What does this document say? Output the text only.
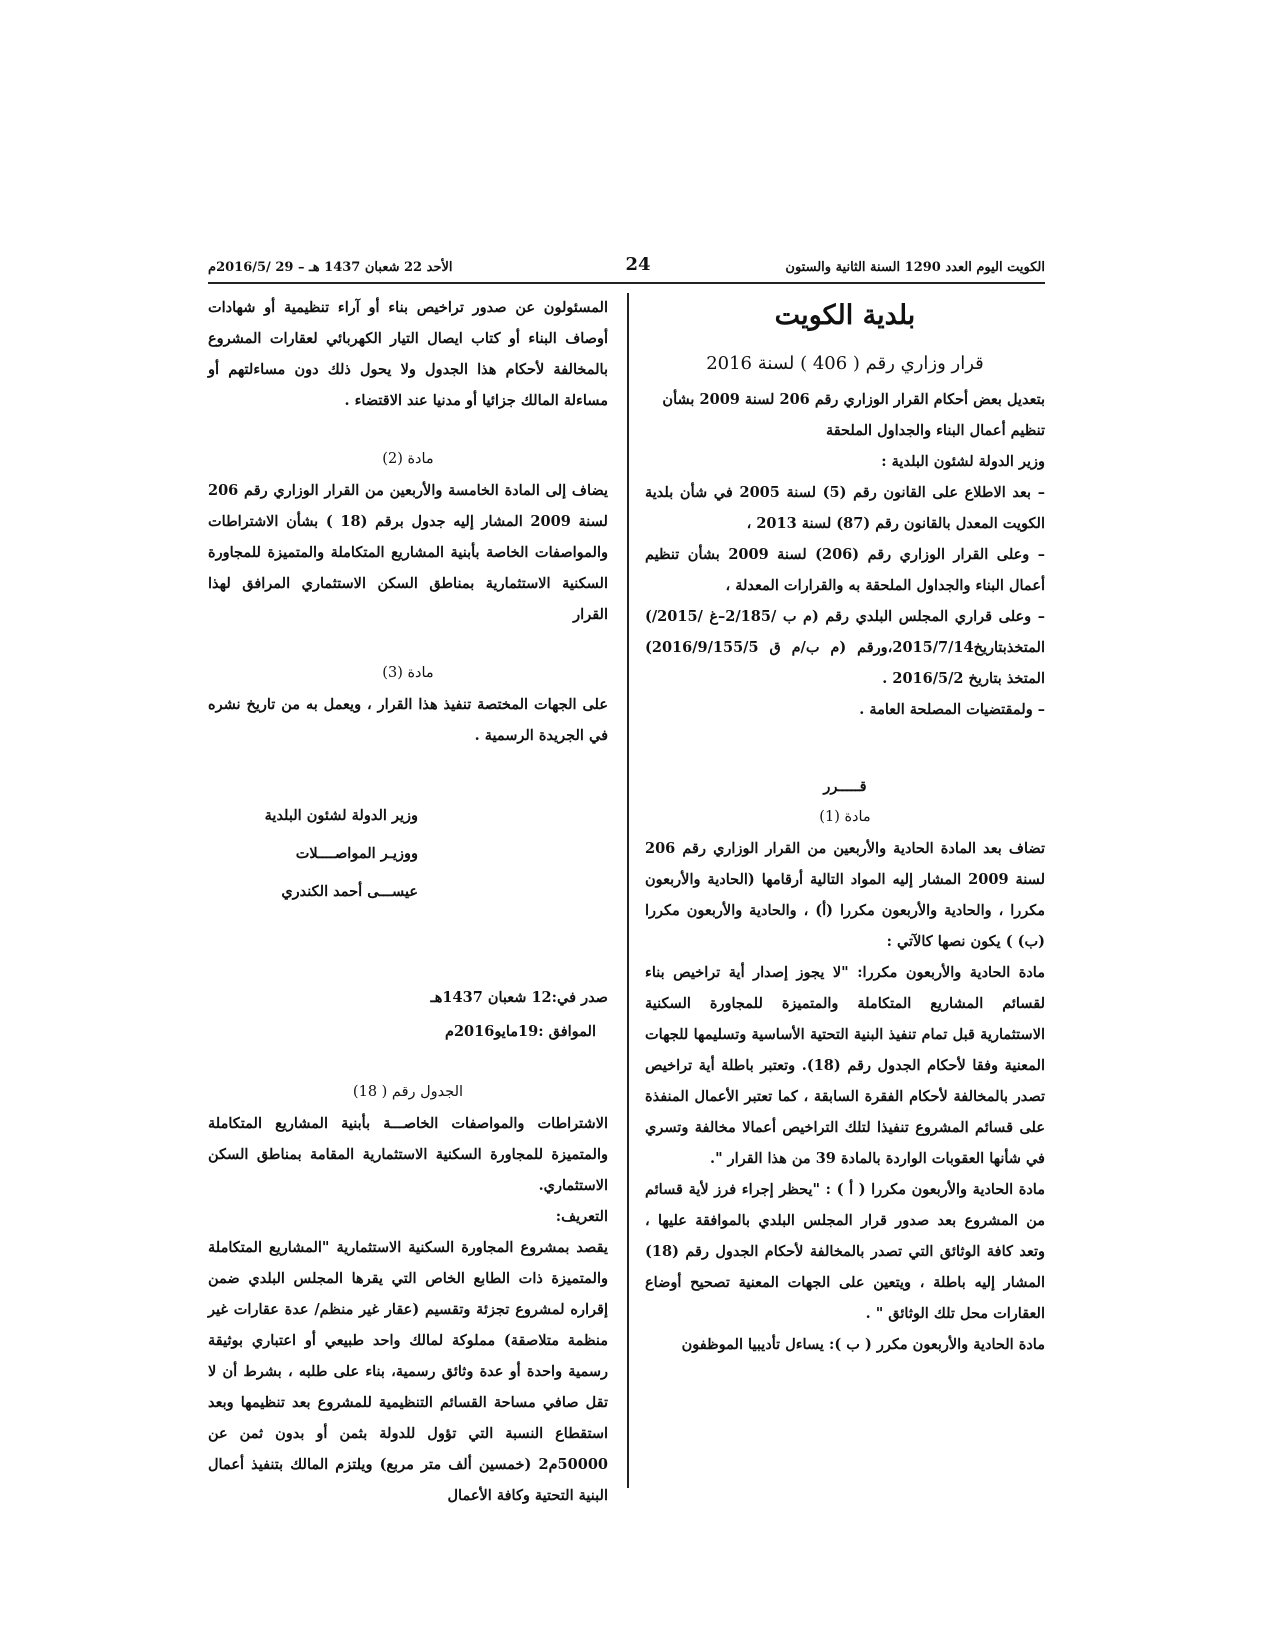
الأحد 22 شعبان 1437 هـ – 29 /2016/5م	24	الكويت اليوم العدد 1290 السنة الثانية والستون
بلدية الكويت
قرار وزاري رقم ( 406 ) لسنة 2016

بتعديل بعض أحكام القرار الوزاري رقم 206 لسنة 2009 بشأن

تنظيم أعمال البناء والجداول الملحقة

وزير الدولة لشئون البلدية :

– بعد الاطلاع على القانون رقم (5) لسنة 2005 في شأن بلدية الكويت المعدل بالقانون رقم (87) لسنة 2013 ،

– وعلى القرار الوزاري رقم (206) لسنة 2009 بشأن تنظيم أعمال البناء والجداول الملحقة به والقرارات المعدلة ،

– وعلى قراري المجلس البلدي رقم (م ب /2/185–غ /2015/) المتخذبتاريخ2015/7/14،ورقم (م ب/م ق 2016/9/155/5) المتخذ بتاريخ 2016/5/2 .

– ولمقتضيات المصلحة العامة .

قـــــرر

مادة (1)

تضاف بعد المادة الحادية والأربعين من القرار الوزاري رقم 206 لسنة 2009 المشار إليه المواد التالية أرقامها (الحادية والأربعون مكررا ، والحادية والأربعون مكررا (أ) ، والحادية والأربعون مكررا (ب) ) يكون نصها كالآتي :

مادة الحادية والأربعون مكررا: "لا يجوز إصدار أية تراخيص بناء لقسائم المشاريع المتكاملة والمتميزة للمجاورة السكنية الاستثمارية قبل تمام تنفيذ البنية التحتية الأساسية وتسليمها للجهات المعنية وفقا لأحكام الجدول رقم (18). وتعتبر باطلة أية تراخيص تصدر بالمخالفة لأحكام الفقرة السابقة ، كما تعتبر الأعمال المنفذة على قسائم المشروع تنفيذا لتلك التراخيص أعمالا مخالفة وتسري في شأنها العقوبات الواردة بالمادة 39 من هذا القرار ".

مادة الحادية والأربعون مكررا ( أ ) : "يحظر إجراء فرز لأية قسائم من المشروع بعد صدور قرار المجلس البلدي بالموافقة عليها ، وتعد كافة الوثائق التي تصدر بالمخالفة لأحكام الجدول رقم (18) المشار إليه باطلة ، ويتعين على الجهات المعنية تصحيح أوضاع العقارات محل تلك الوثائق " .

مادة الحادية والأربعون مكرر ( ب ): يساءل تأديبيا الموظفون

المسئولون عن صدور تراخيص بناء أو آراء تنظيمية أو شهادات أوصاف البناء أو كتاب ايصال التيار الكهربائي لعقارات المشروع بالمخالفة لأحكام هذا الجدول ولا يحول ذلك دون مساءلتهم أو مساءلة المالك جزائيا أو مدنيا عند الاقتضاء .

مادة (2)

يضاف إلى المادة الخامسة والأربعين من القرار الوزاري رقم 206 لسنة 2009 المشار إليه جدول برقم (18 ) بشأن الاشتراطات والمواصفات الخاصة بأبنية المشاريع المتكاملة والمتميزة للمجاورة السكنية الاستثمارية بمناطق السكن الاستثماري المرافق لهذا القرار

مادة (3)

على الجهات المختصة تنفيذ هذا القرار ، ويعمل به من تاريخ نشره في الجريدة الرسمية .

وزير الدولة لشئون البلدية

ووزيـر المواصــــلات

عيســـى أحمد الكندري

صدر في:12 شعبان 1437هـ

الموافق :19مايو2016م

الجدول رقم ( 18)

الاشتراطات والمواصفات الخاصـــة بأبنية المشاريع المتكاملة والمتميزة للمجاورة السكنية الاستثمارية المقامة بمناطق السكن الاستثماري.

التعريف:

يقصد بمشروع المجاورة السكنية الاستثمارية "المشاريع المتكاملة والمتميزة ذات الطابع الخاص التي يقرها المجلس البلدي ضمن إقراره لمشروع تجزئة وتقسيم (عقار غير منظم/ عدة عقارات غير منظمة متلاصقة) مملوكة لمالك واحد طبيعي أو اعتباري بوثيقة رسمية واحدة أو عدة وثائق رسمية، بناء على طلبه ، بشرط أن لا تقل صافي مساحة القسائم التنظيمية للمشروع بعد تنظيمها وبعد استقطاع النسبة التي تؤول للدولة بثمن أو بدون ثمن عن 50000م2 (خمسين ألف متر مربع) ويلتزم المالك بتنفيذ أعمال البنية التحتية وكافة الأعمال
